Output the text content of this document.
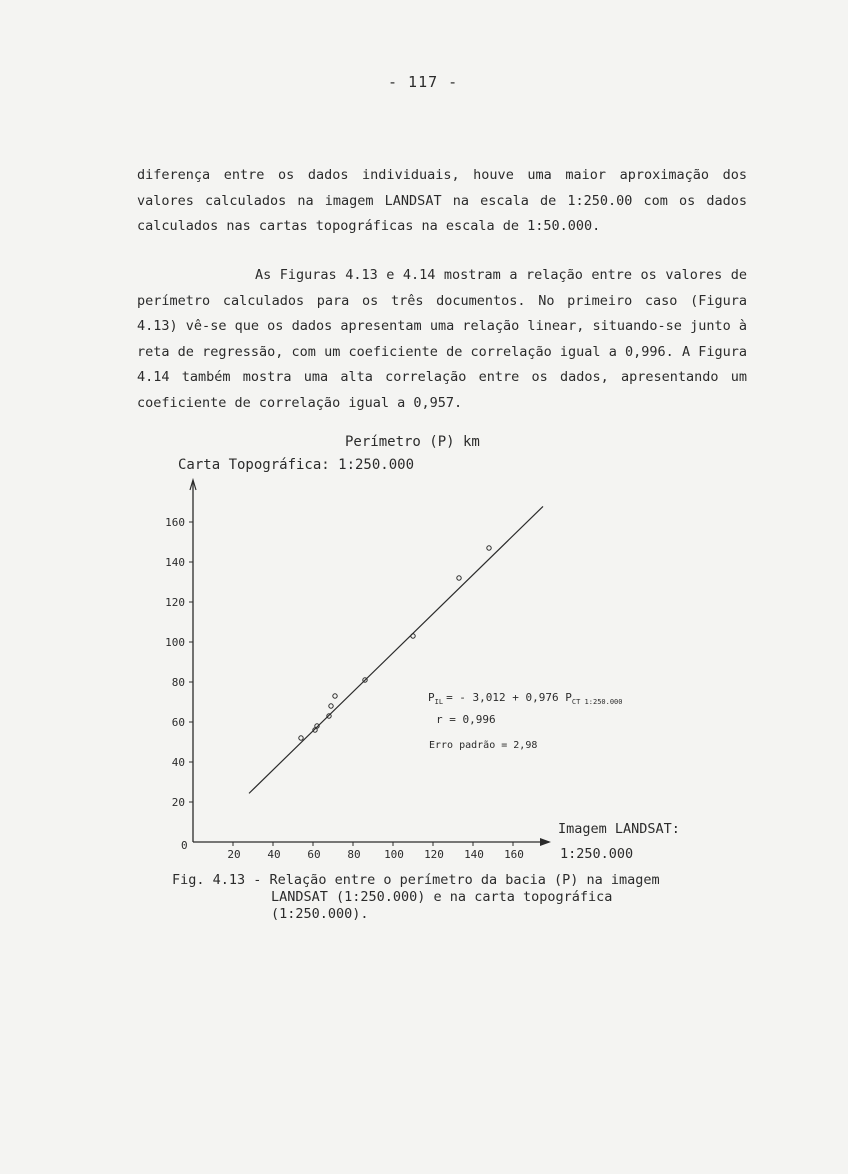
- 117 -

diferença entre os dados individuais, houve uma maior aproximação dos valores calculados na imagem LANDSAT na escala de 1:250.00 com os dados calculados nas cartas topográficas na escala de 1:50.000.

As Figuras 4.13 e 4.14 mostram a relação entre os valores de perímetro calculados para os três documentos. No primeiro caso (Figura 4.13) vê-se que os dados apresentam uma relação linear, situando-se junto à reta de regressão, com um coeficiente de correlação igual a 0,996. A Figura 4.14 também mostra uma alta correlação entre os dados, apresentando um coeficiente de correlação igual a 0,957.

Perímetro (P) km
Carta Topográfica: 1:250.000
0
20
40
60
80
100
120
140
160
20 40 60 80 100 120 140 160
Imagem LANDSAT:
1:250.000
$P_{IL}$ = - 3,012 + 0,976 $P_{CT 1:250.000}$
r = 0,996
Erro padrão = 2,98
Fig. 4.13 - Relação entre o perímetro da bacia (P) na imagem
LANDSAT (1:250.000) e na carta topográfica
(1:250.000).
